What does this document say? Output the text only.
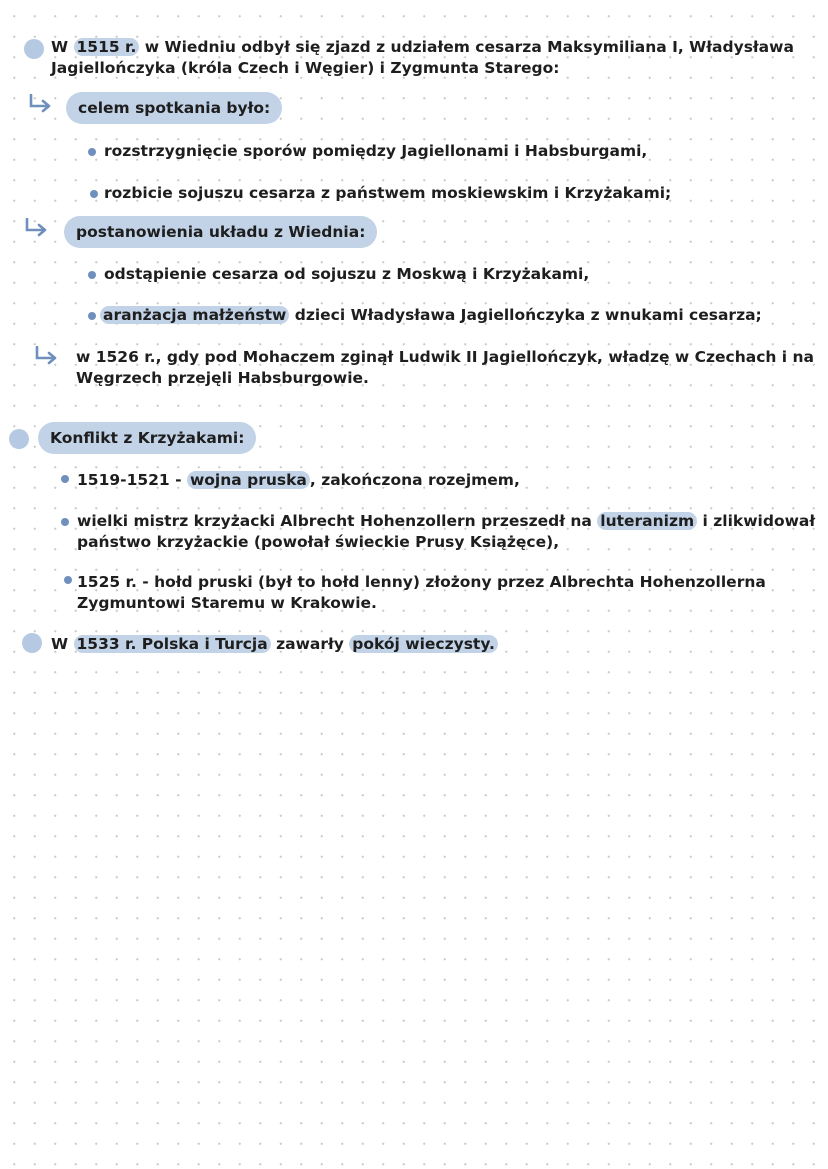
W 1515 r. w Wiedniu odbył się zjazd z udziałem cesarza Maksymiliana I, Władysława
Jagiellończyka (króla Czech i Węgier) i Zygmunta Starego:
celem spotkania było:
rozstrzygnięcie sporów pomiędzy Jagiellonami i Habsburgami,
rozbicie sojuszu cesarza z państwem moskiewskim i Krzyżakami;
postanowienia układu z Wiednia:
odstąpienie cesarza od sojuszu z Moskwą i Krzyżakami,
aranżacja małżeństw dzieci Władysława Jagiellończyka z wnukami cesarza;
w 1526 r., gdy pod Mohaczem zginął Ludwik II Jagiellończyk, władzę w Czechach i na
Węgrzech przejęli Habsburgowie.
Konflikt z Krzyżakami:
1519-1521 - wojna pruska , zakończona rozejmem,
wielki mistrz krzyżacki Albrecht Hohenzollern przeszedł na luteranizm i zlikwidował
państwo krzyżackie (powołał świeckie Prusy Książęce),
1525 r. - hołd pruski (był to hołd lenny) złożony przez Albrechta Hohenzollerna
Zygmuntowi Staremu w Krakowie.
W 1533 r. Polska i Turcja zawarły pokój wieczysty.
